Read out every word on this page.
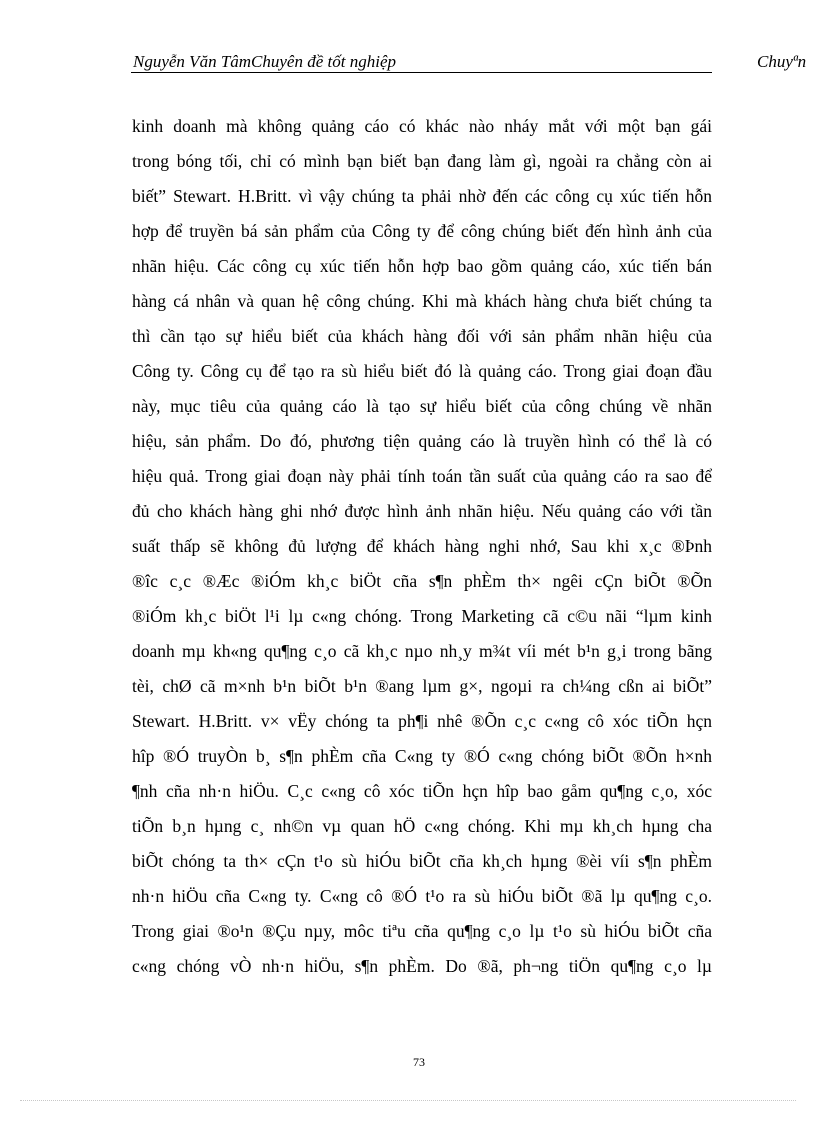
Nguyễn Văn TâmChuyên đề tốt nghiệp	Chuyªn
kinh doanh mà không quảng cáo có khác nào nháy mắt với một bạn gái
trong bóng tối, chỉ có mình bạn biết bạn đang làm gì, ngoài ra chẳng còn ai
biết” Stewart. H.Britt. vì vậy chúng ta phải nhờ đến các công cụ xúc tiến hỗn
hợp để truyền bá sản phẩm của Công ty để công chúng biết đến hình ảnh của
nhãn hiệu. Các công cụ xúc tiến hỗn hợp bao gồm quảng cáo, xúc tiến bán
hàng cá nhân và quan hệ công chúng. Khi mà khách hàng chưa biết chúng ta
thì cần tạo sự hiểu biết của khách hàng đối với sản phẩm nhãn hiệu của
Công ty. Công cụ để tạo ra sù hiểu biết đó là quảng cáo. Trong giai đoạn đầu
này, mục tiêu của quảng cáo là tạo sự hiểu biết của công chúng về nhãn
hiệu, sản phẩm. Do đó, phương tiện quảng cáo là truyền hình có thể là có
hiệu quả. Trong giai đoạn này phải tính toán tần suất của quảng cáo ra sao để
đủ cho khách hàng ghi nhớ được hình ảnh nhãn hiệu. Nếu quảng cáo với tần
suất thấp sẽ không đủ lượng để khách hàng nghi nhớ, Sau khi x¸c ®Þnh
®îc c¸c ®Æc ®iÓm kh¸c biÖt cña s¶n phÈm th× ngêi cÇn biÕt ®Õn
®iÓm kh¸c biÖt l¹i lµ c«ng chóng. Trong Marketing cã c©u nãi “lµm kinh
doanh mµ kh«ng qu¶ng c¸o cã kh¸c nµo nh¸y m¾t víi mét b¹n g¸i trong bãng
tèi, chØ cã m×nh b¹n biÕt b¹n ®ang lµm g×, ngoµi ra ch¼ng cßn ai biÕt”
Stewart. H.Britt. v× vËy chóng ta ph¶i nhê ®Õn c¸c c«ng cô xóc tiÕn hçn
hîp ®Ó truyÒn b¸ s¶n phÈm cña C«ng ty ®Ó c«ng chóng biÕt ®Õn h×nh
¶nh cña nh·n hiÖu. C¸c c«ng cô xóc tiÕn hçn hîp bao gåm qu¶ng c¸o, xóc
tiÕn b¸n hµng c¸ nh©n vµ quan hÖ c«ng chóng. Khi mµ kh¸ch hµng cha
biÕt chóng ta th× cÇn t¹o sù hiÓu biÕt cña kh¸ch hµng ®èi víi s¶n phÈm
nh·n hiÖu cña C«ng ty. C«ng cô ®Ó t¹o ra sù hiÓu biÕt ®ã lµ qu¶ng c¸o.
Trong giai ®o¹n ®Çu nµy, môc tiªu cña qu¶ng c¸o lµ t¹o sù hiÓu biÕt cña
c«ng chóng vÒ nh·n hiÖu, s¶n phÈm. Do ®ã, ph¬ng tiÖn qu¶ng c¸o lµ
73
